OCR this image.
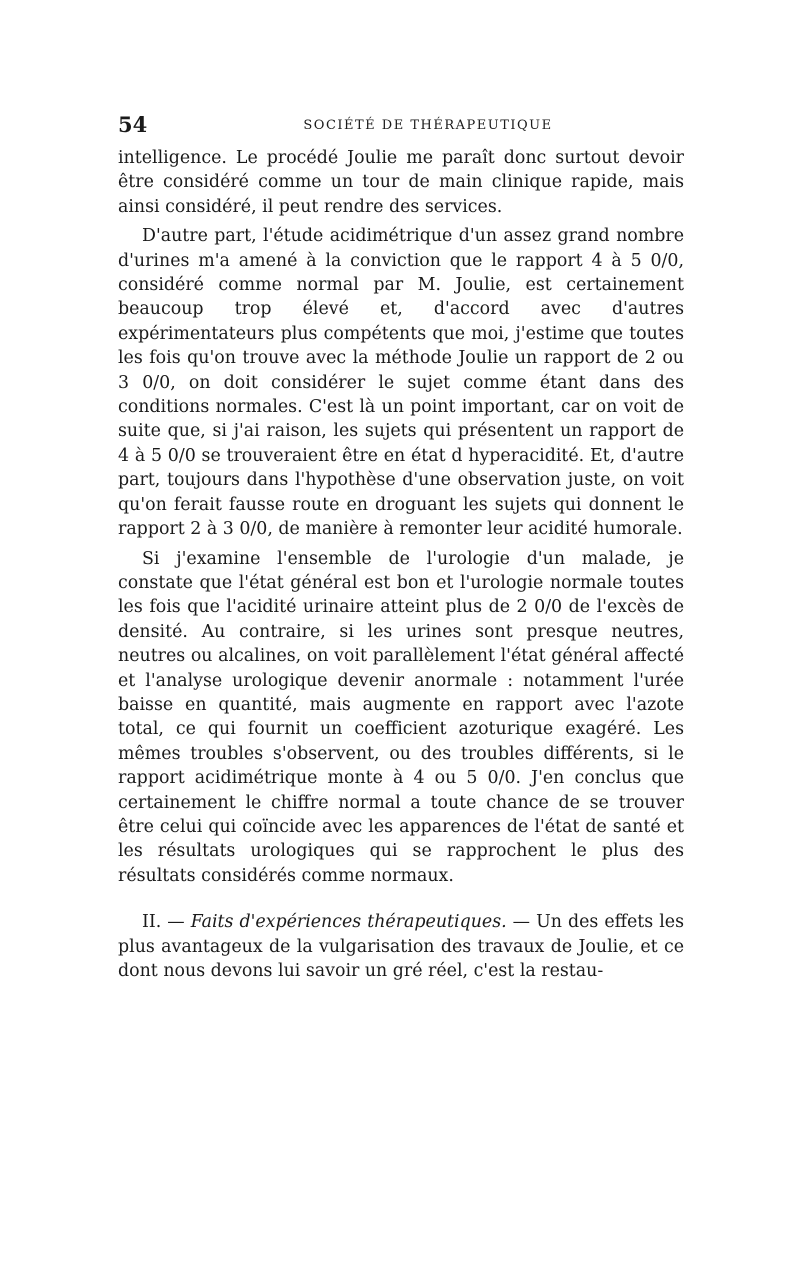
54	SOCIÉTÉ DE THÉRAPEUTIQUE

intelligence. Le procédé Joulie me paraît donc surtout devoir être considéré comme un tour de main clinique rapide, mais ainsi considéré, il peut rendre des services.

D'autre part, l'étude acidimétrique d'un assez grand nombre d'urines m'a amené à la conviction que le rapport 4 à 5 0/0, considéré comme normal par M. Joulie, est certainement beaucoup trop élevé et, d'accord avec d'autres expérimentateurs plus compétents que moi, j'estime que toutes les fois qu'on trouve avec la méthode Joulie un rapport de 2 ou 3 0/0, on doit considérer le sujet comme étant dans des conditions normales. C'est là un point important, car on voit de suite que, si j'ai raison, les sujets qui présentent un rapport de 4 à 5 0/0 se trouveraient être en état d hyperacidité. Et, d'autre part, toujours dans l'hypothèse d'une observation juste, on voit qu'on ferait fausse route en droguant les sujets qui donnent le rapport 2 à 3 0/0, de manière à remonter leur acidité humorale.

Si j'examine l'ensemble de l'urologie d'un malade, je constate que l'état général est bon et l'urologie normale toutes les fois que l'acidité urinaire atteint plus de 2 0/0 de l'excès de densité. Au contraire, si les urines sont presque neutres, neutres ou alcalines, on voit parallèlement l'état général affecté et l'analyse urologique devenir anormale : notamment l'urée baisse en quantité, mais augmente en rapport avec l'azote total, ce qui fournit un coefficient azoturique exagéré. Les mêmes troubles s'observent, ou des troubles différents, si le rapport acidimétrique monte à 4 ou 5 0/0. J'en conclus que certainement le chiffre normal a toute chance de se trouver être celui qui coïncide avec les apparences de l'état de santé et les résultats urologiques qui se rapprochent le plus des résultats considérés comme normaux.

II. — Faits d'expériences thérapeutiques. — Un des effets les plus avantageux de la vulgarisation des travaux de Joulie, et ce dont nous devons lui savoir un gré réel, c'est la restau-
